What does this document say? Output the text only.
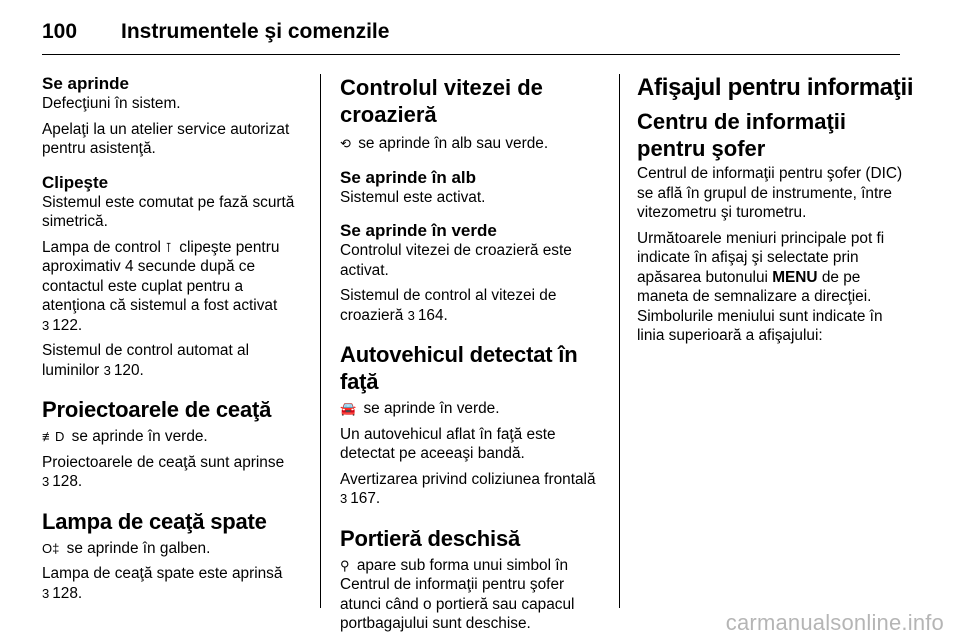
100 Instrumentele şi comenzile
Se aprinde
Defecţiuni în sistem.
Apelaţi la un atelier service autorizat pentru asistenţă.
Clipeşte
Sistemul este comutat pe fază scurtă simetrică.
Lampa de control ⊺ clipeşte pentru aproximativ 4 secunde după ce contactul este cuplat pentru a atenţiona că sistemul a fost activat
3 122.
Sistemul de control automat al luminilor 3 120.
Proiectoarele de ceaţă
≢D se aprinde în verde.
Proiectoarele de ceaţă sunt aprinse
3 128.
Lampa de ceaţă spate
O‡ se aprinde în galben.
Lampa de ceaţă spate este aprinsă
3 128.
Controlul vitezei de croazieră
⟲ se aprinde în alb sau verde.
Se aprinde în alb
Sistemul este activat.
Se aprinde în verde
Controlul vitezei de croazieră este activat.
Sistemul de control al vitezei de croazieră 3 164.
Autovehicul detectat în faţă
🚘 se aprinde în verde.
Un autovehicul aflat în faţă este detectat pe aceeaşi bandă.
Avertizarea privind coliziunea frontală
3 167.
Portieră deschisă
⚲ apare sub forma unui simbol în Centrul de informaţii pentru şofer atunci când o portieră sau capacul portbagajului sunt deschise.
Afişajul pentru informaţii
Centru de informaţii pentru şofer
Centrul de informaţii pentru şofer (DIC) se află în grupul de instrumente, între vitezometru şi turometru.
Următoarele meniuri principale pot fi indicate în afişaj şi selectate prin apăsarea butonului MENU de pe maneta de semnalizare a direcţiei. Simbolurile meniului sunt indicate în linia superioară a afişajului:
carmanualsonline.info
